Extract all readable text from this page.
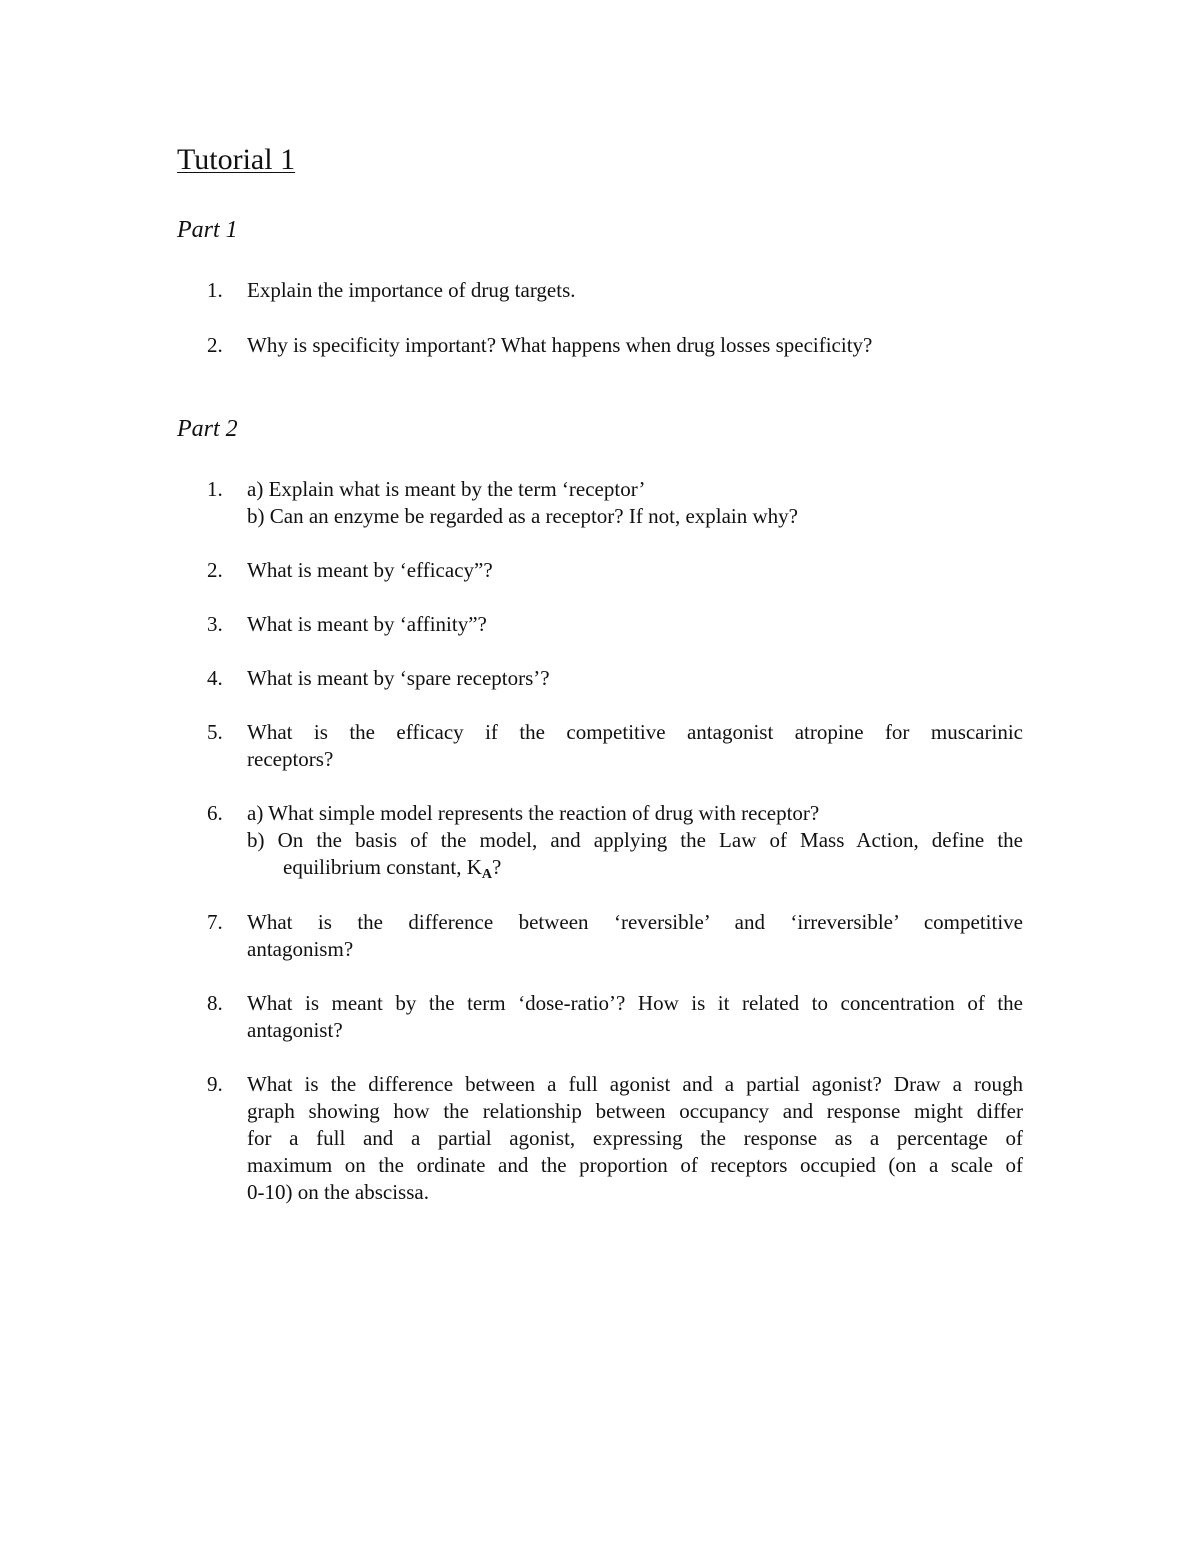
Tutorial 1
Part 1
1.	Explain the importance of drug targets.
2.	Why is specificity important? What happens when drug losses specificity?
Part 2
1.	a) Explain what is meant by the term ‘receptor’
b) Can an enzyme be regarded as a receptor? If not, explain why?
2.	What is meant by ‘efficacy”?
3.	What is meant by ‘affinity”?
4.	What is meant by ‘spare receptors’?
5.	What is the efficacy if the competitive antagonist atropine for muscarinic
receptors?
6.	a) What simple model represents the reaction of drug with receptor?
b) On the basis of the model, and applying the Law of Mass Action, define the
equilibrium constant, $K_A$?
7.	What is the difference between ‘reversible’ and ‘irreversible’ competitive
antagonism?
8.	What is meant by the term ‘dose-ratio’? How is it related to concentration of the
antagonist?
9.	What is the difference between a full agonist and a partial agonist? Draw a rough
graph showing how the relationship between occupancy and response might differ
for a full and a partial agonist, expressing the response as a percentage of
maximum on the ordinate and the proportion of receptors occupied (on a scale of
0-10) on the abscissa.
